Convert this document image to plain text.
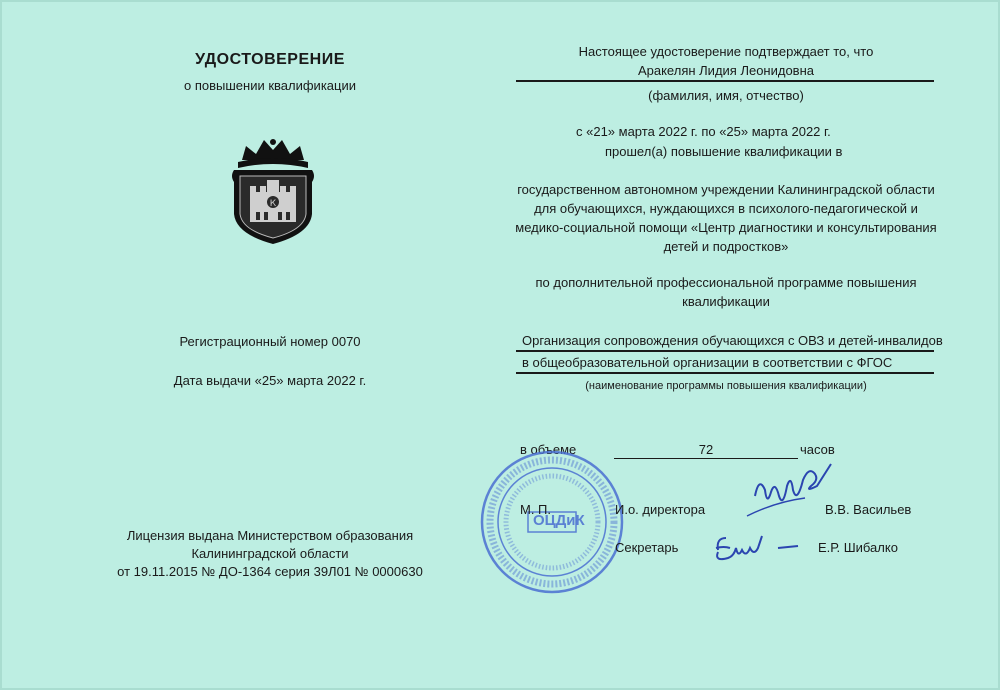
УДОСТОВЕРЕНИЕ
о повышении квалификации
К
Регистрационный номер 0070
Дата выдачи «25» марта 2022 г.
Лицензия выдана Министерством образования
Калининградской области
от 19.11.2015 № ДО-1364 серия 39Л01 № 0000630
Настоящее удостоверение подтверждает то, что
Аракелян Лидия Леонидовна
(фамилия, имя, отчество)
с «21» марта 2022 г. по «25» марта 2022 г.
прошел(а) повышение квалификации в
государственном автономном учреждении Калининградской области
для обучающихся, нуждающихся в психолого-педагогической и
медико-социальной помощи «Центр диагностики и консультирования
детей и подростков»
по дополнительной профессиональной программе повышения
квалификации
Организация сопровождения обучающихся с ОВЗ и детей-инвалидов
в общеобразовательной организации в соответствии с ФГОС
(наименование программы повышения квалификации)
в объеме	72	часов
ОЦДиК
М. П.	И.о. директора	В.В. Васильев
Секретарь	Е.Р. Шибалко
